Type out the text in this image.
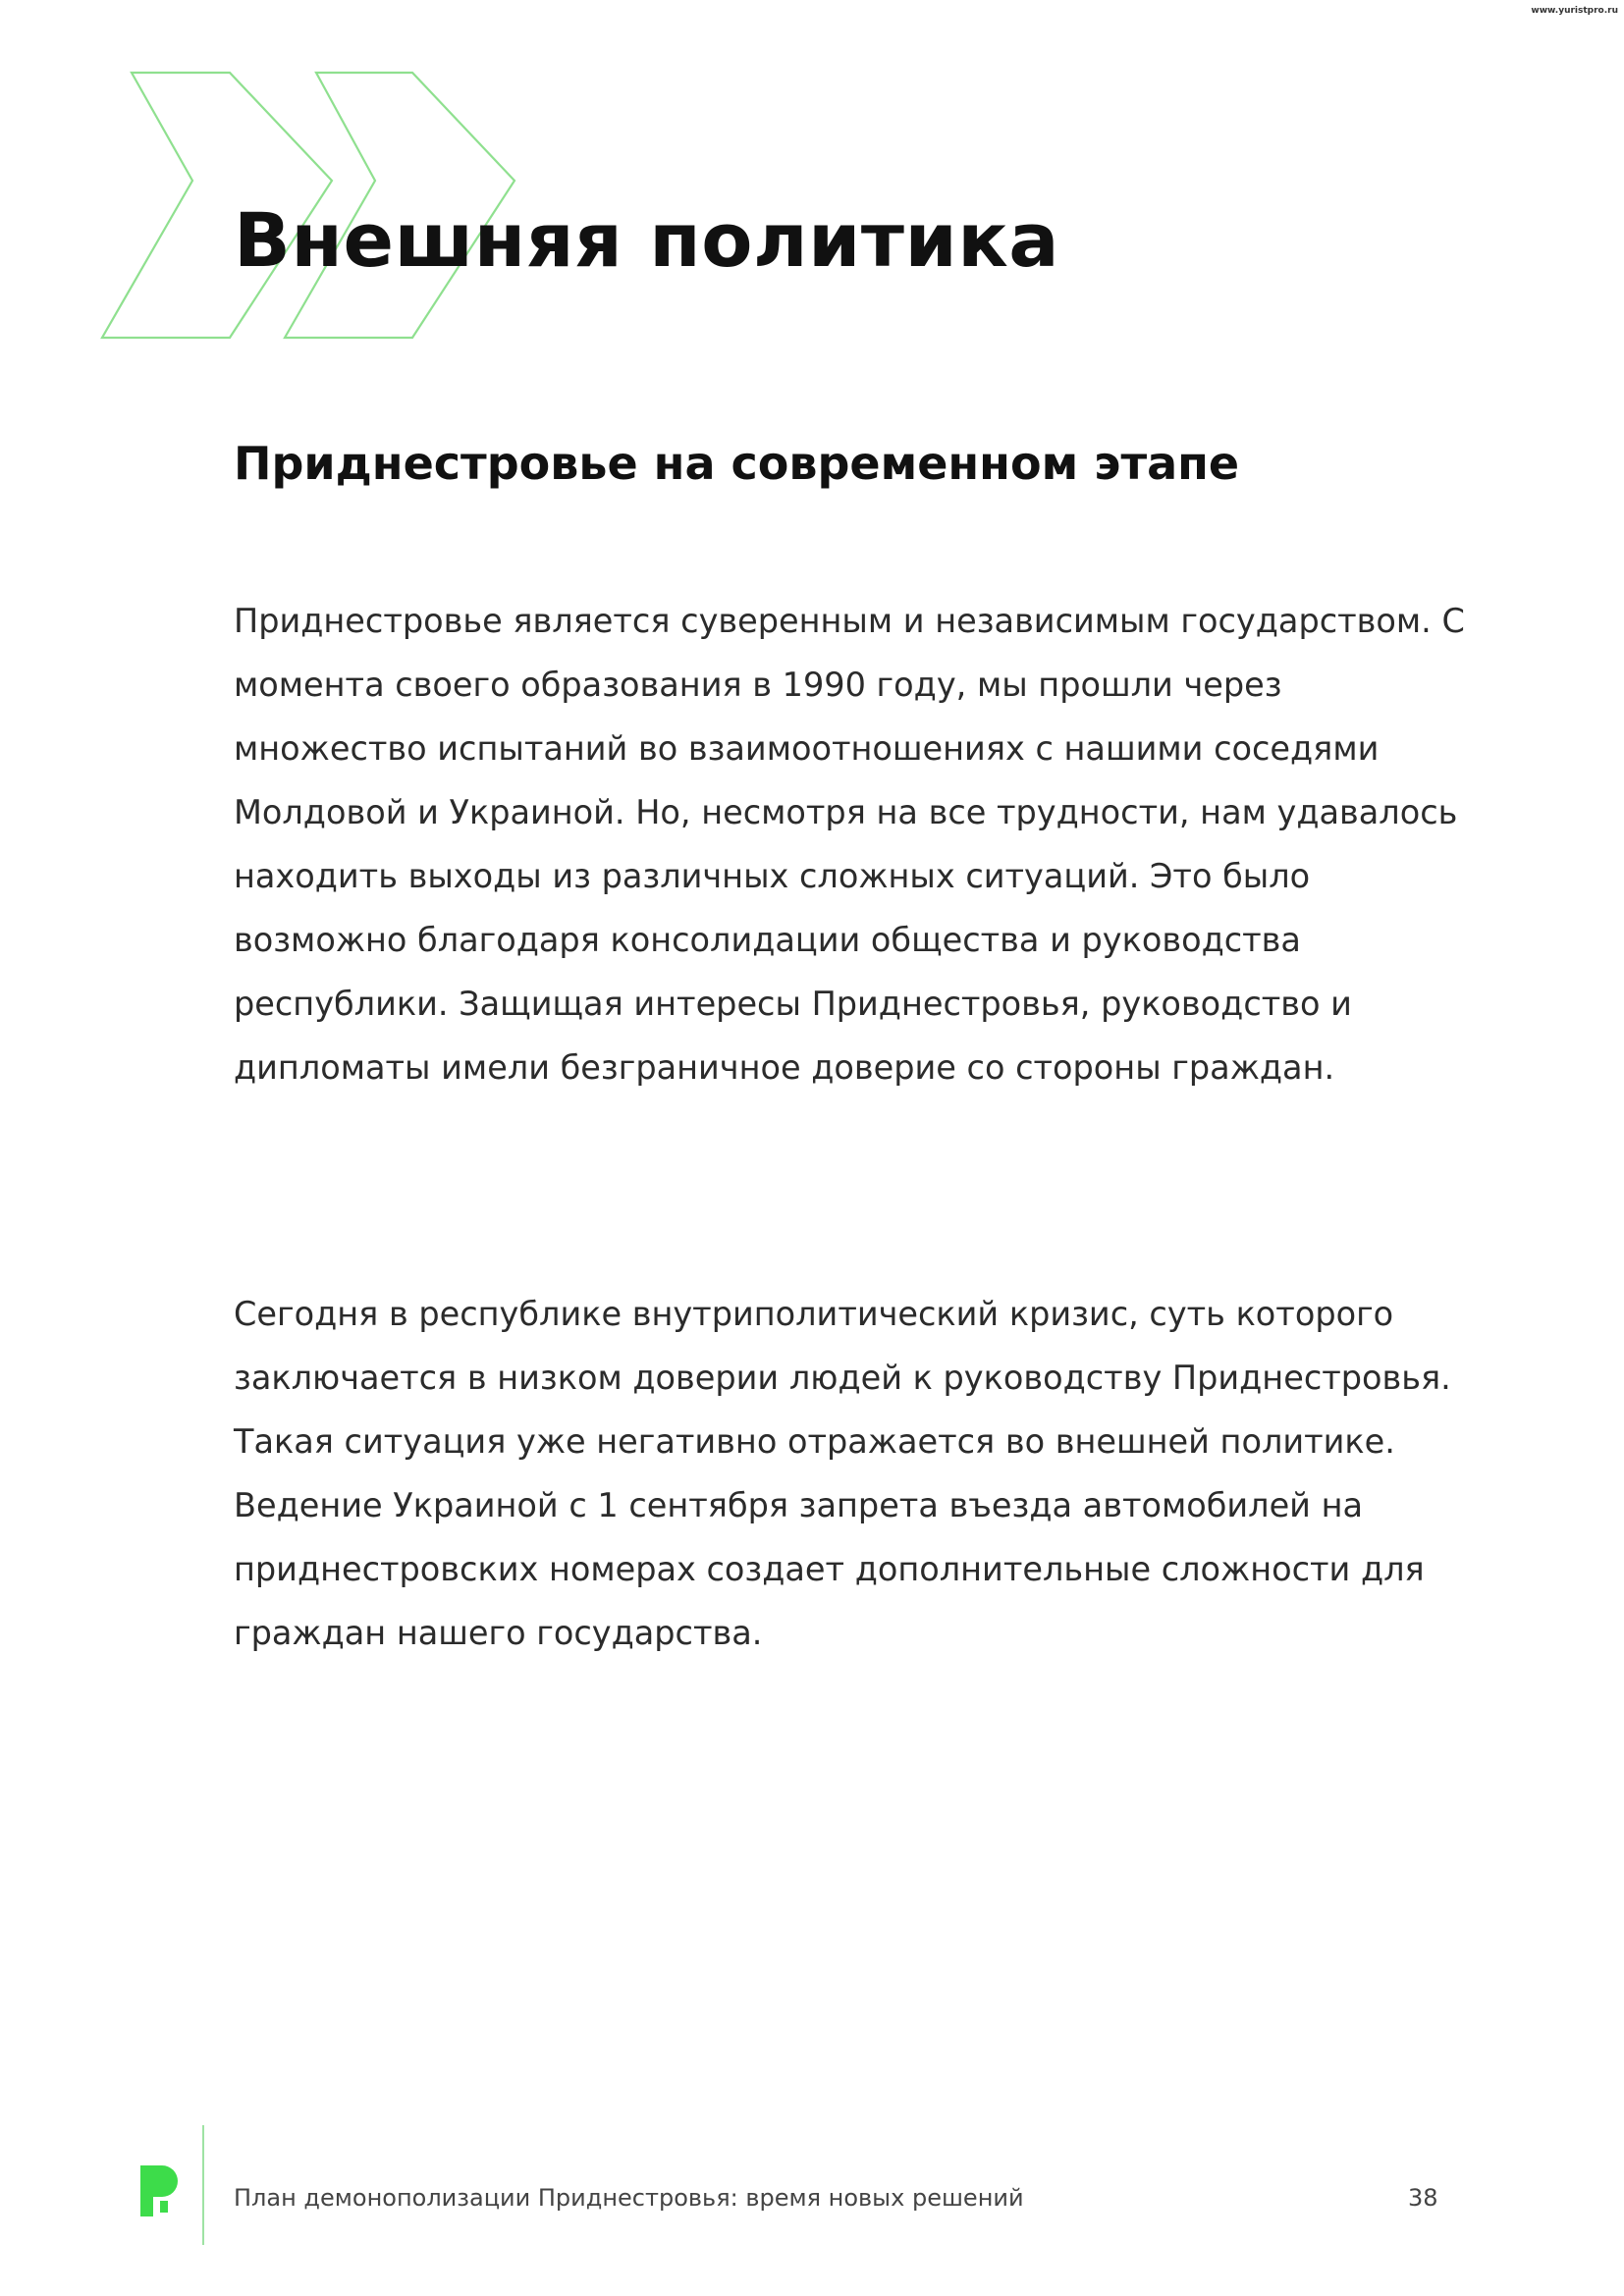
www.yuristpro.ru
Внешняя политика
Приднестровье на современном этапе

Приднестровье является суверенным и независимым государством. С момента своего образования в 1990 году, мы прошли через множество испытаний во взаимоотношениях с нашими соседями Молдовой и Украиной. Но, несмотря на все трудности, нам удавалось находить выходы из различных сложных ситуаций. Это было возможно благодаря консолидации общества и руководства республики. Защищая интересы Приднестровья, руководство и дипломаты имели безграничное доверие со стороны граждан.

Сегодня в республике внутриполитический кризис, суть которого заключается в низком доверии людей к руководству Приднестровья. Такая ситуация уже негативно отражается во внешней политике. Ведение Украиной с 1 сентября запрета въезда автомобилей на приднестровских номерах создает дополнительные сложности для граждан нашего государства.

План демонополизации Приднестровья: время новых решений	38
